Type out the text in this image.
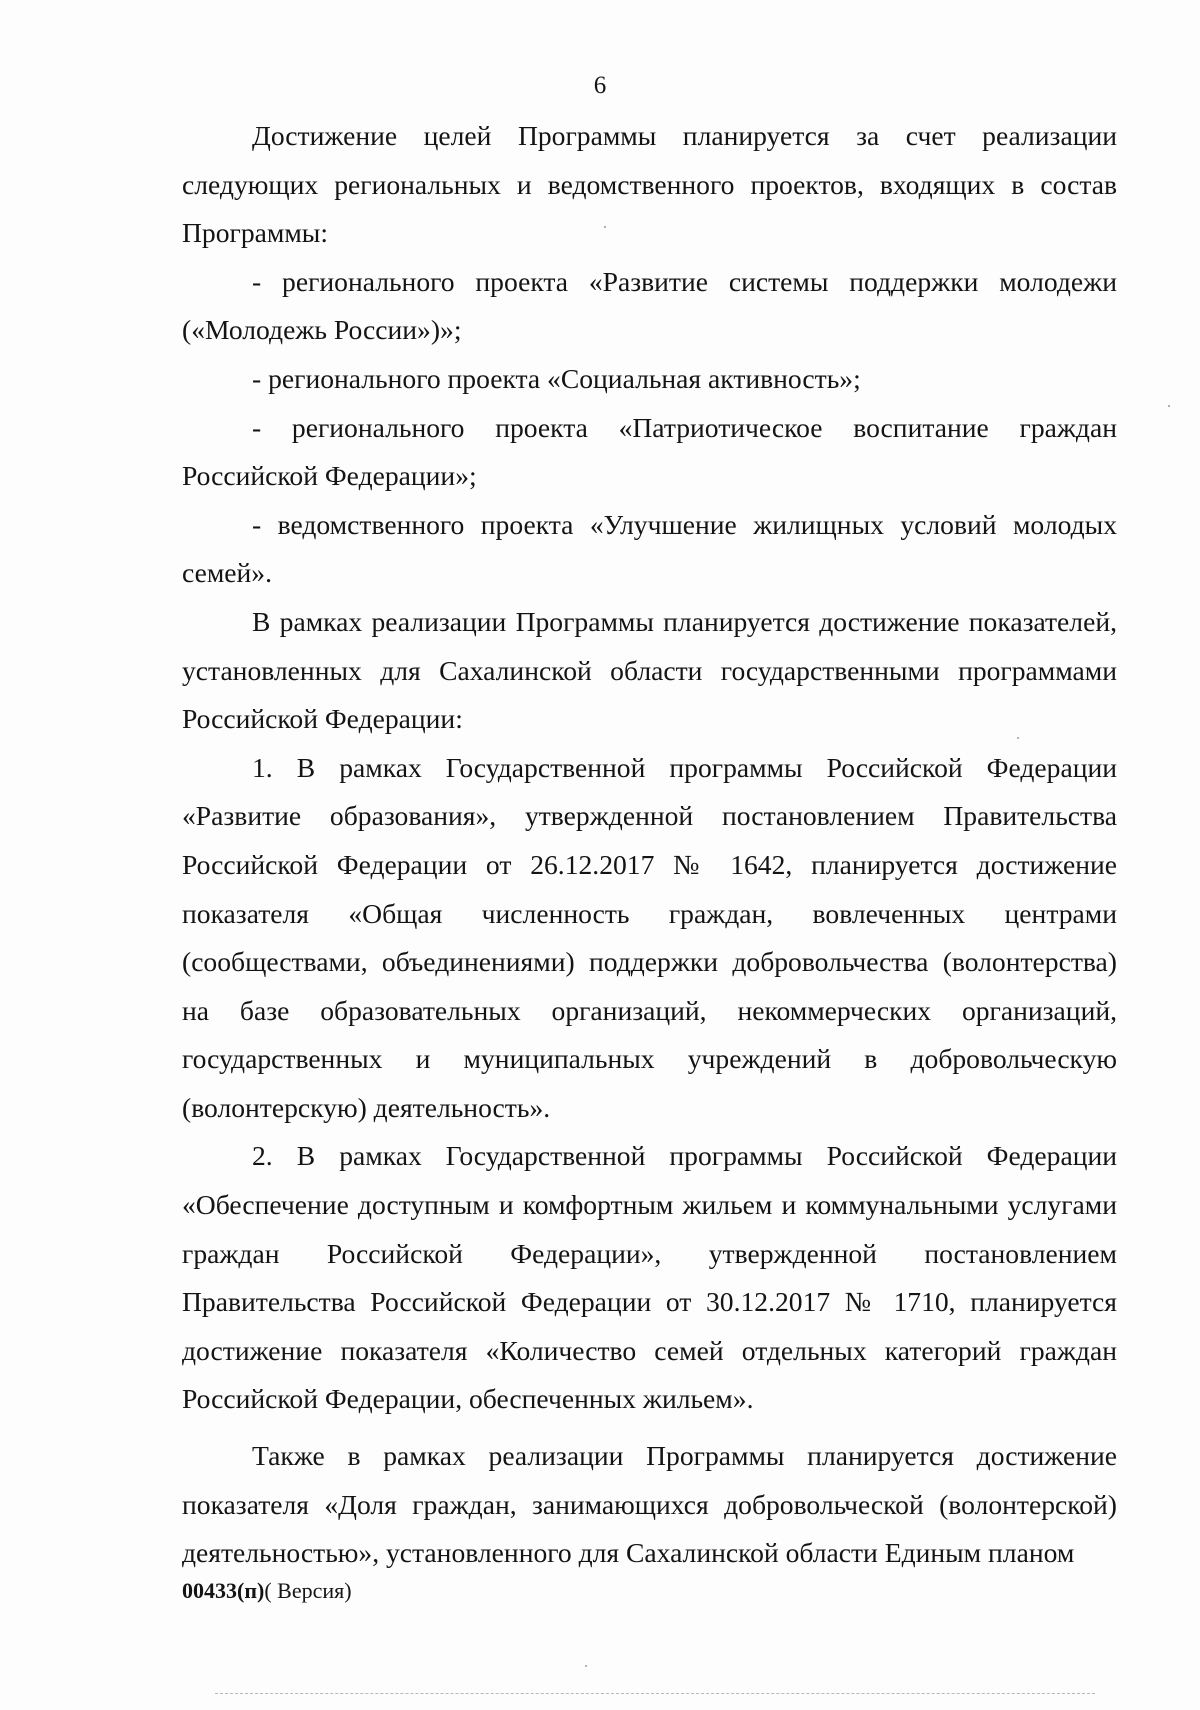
6

Достижение целей Программы планируется за счет реализации следующих региональных и ведомственного проектов, входящих в состав Программы:

- регионального проекта «Развитие системы поддержки молодежи («Молодежь России»)»;

- регионального проекта «Социальная активность»;

- регионального проекта «Патриотическое воспитание граждан Российской Федерации»;

- ведомственного проекта «Улучшение жилищных условий молодых семей».

В рамках реализации Программы планируется достижение показателей, установленных для Сахалинской области государственными программами Российской Федерации:

1. В рамках Государственной программы Российской Федерации «Развитие образования», утвержденной постановлением Правительства Российской Федерации от 26.12.2017 № 1642, планируется достижение показателя «Общая численность граждан, вовлеченных центрами (сообществами, объединениями) поддержки добровольчества (волонтерства) на базе образовательных организаций, некоммерческих организаций, государственных и муниципальных учреждений в добровольческую (волонтерскую) деятельность».

2. В рамках Государственной программы Российской Федерации «Обеспечение доступным и комфортным жильем и коммунальными услугами граждан Российской Федерации», утвержденной постановлением Правительства Российской Федерации от 30.12.2017 № 1710, планируется достижение показателя «Количество семей отдельных категорий граждан Российской Федерации, обеспеченных жильем».

Также в рамках реализации Программы планируется достижение показателя «Доля граждан, занимающихся добровольческой (волонтерской) деятельностью», установленного для Сахалинской области Единым планом

00433(п)( Версия)
